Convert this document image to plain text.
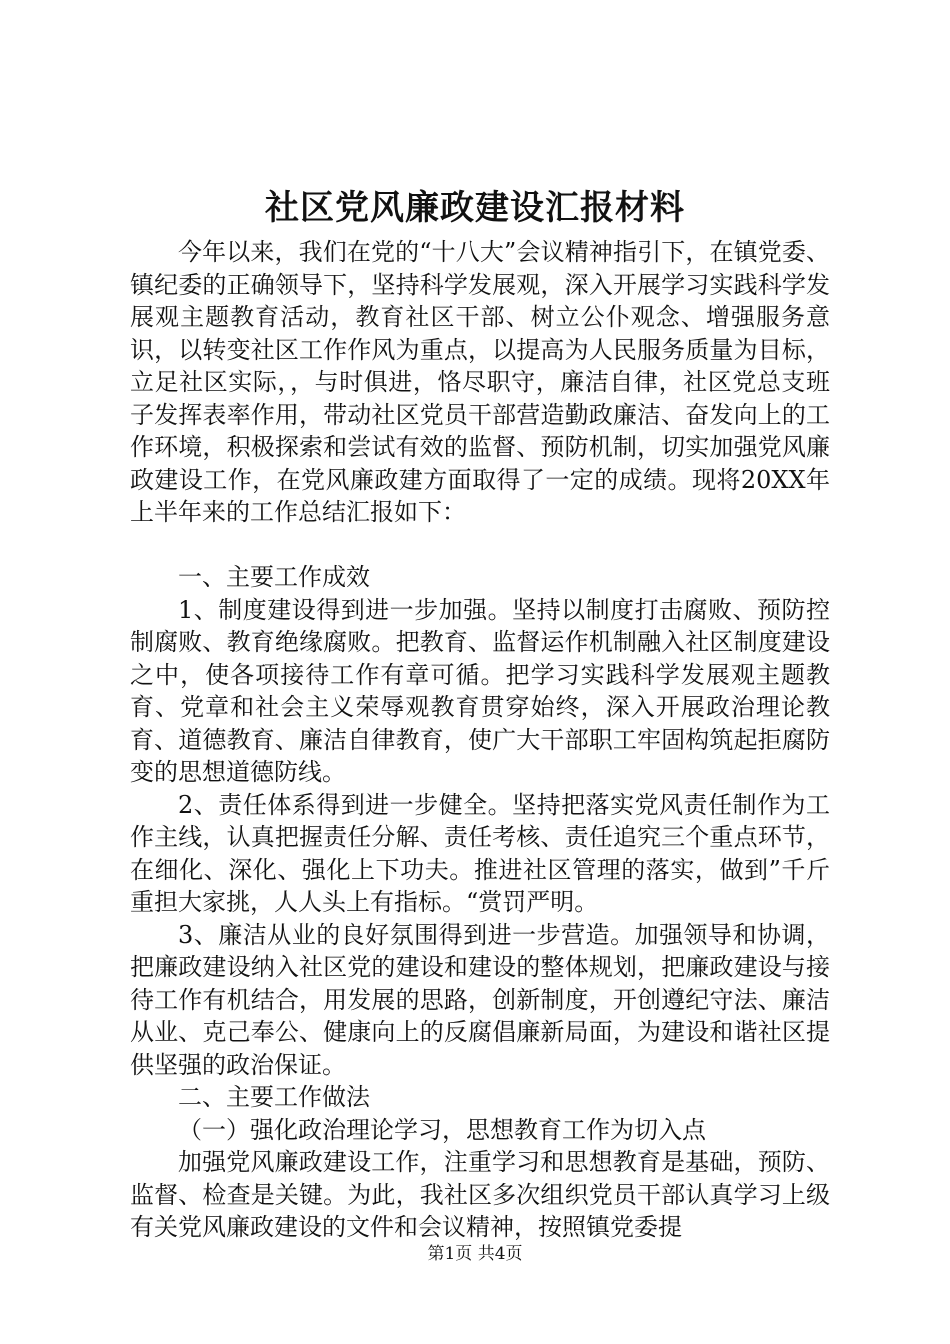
社区党风廉政建设汇报材料

今年以来，我们在党的“十八大”会议精神指引下，在镇党委、镇纪委的正确领导下，坚持科学发展观，深入开展学习实践科学发展观主题教育活动，教育社区干部、树立公仆观念、增强服务意识，以转变社区工作作风为重点，以提高为人民服务质量为目标，立足社区实际，，与时俱进，恪尽职守，廉洁自律，社区党总支班子发挥表率作用，带动社区党员干部营造勤政廉洁、奋发向上的工作环境，积极探索和尝试有效的监督、预防机制，切实加强党风廉政建设工作，在党风廉政建方面取得了一定的成绩。现将20XX年上半年来的工作总结汇报如下：

一、主要工作成效

1、制度建设得到进一步加强。坚持以制度打击腐败、预防控制腐败、教育绝缘腐败。把教育、监督运作机制融入社区制度建设之中，使各项接待工作有章可循。把学习实践科学发展观主题教育、党章和社会主义荣辱观教育贯穿始终，深入开展政治理论教育、道德教育、廉洁自律教育，使广大干部职工牢固构筑起拒腐防变的思想道德防线。

2、责任体系得到进一步健全。坚持把落实党风责任制作为工作主线，认真把握责任分解、责任考核、责任追究三个重点环节，在细化、深化、强化上下功夫。推进社区管理的落实，做到”千斤重担大家挑，人人头上有指标。“赏罚严明。

3、廉洁从业的良好氛围得到进一步营造。加强领导和协调，把廉政建设纳入社区党的建设和建设的整体规划，把廉政建设与接待工作有机结合，用发展的思路，创新制度，开创遵纪守法、廉洁从业、克己奉公、健康向上的反腐倡廉新局面，为建设和谐社区提供坚强的政治保证。

二、主要工作做法

（一）强化政治理论学习，思想教育工作为切入点

加强党风廉政建设工作，注重学习和思想教育是基础，预防、监督、检查是关键。为此，我社区多次组织党员干部认真学习上级有关党风廉政建设的文件和会议精神，按照镇党委提

第1页 共4页
